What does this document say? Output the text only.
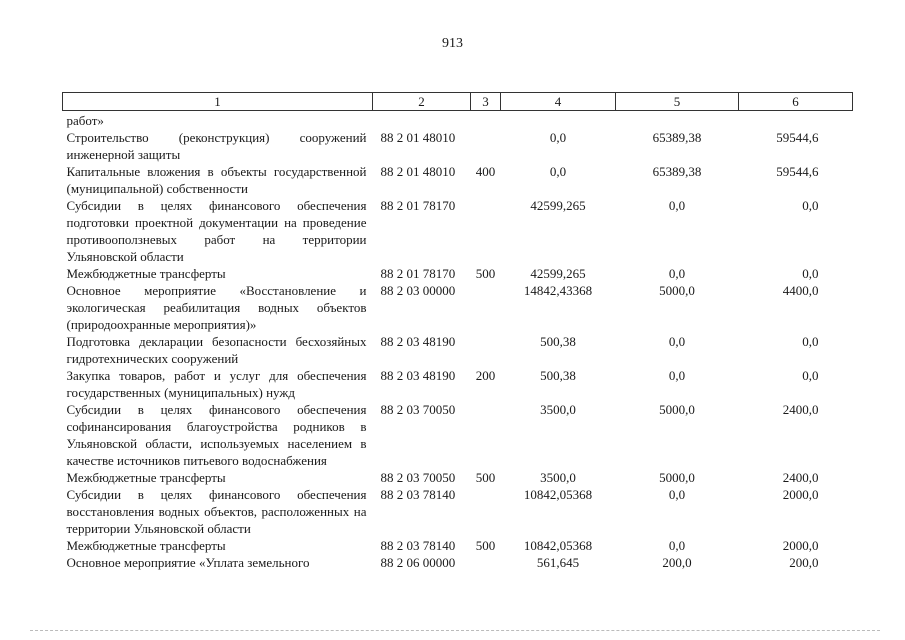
913
1	2	3	4	5	6
работ»					
Строительство (реконструкция) сооружений инженерной защиты	88 2 01 48010		0,0	65389,38	59544,6
Капитальные вложения в объекты государственной (муниципальной) собственности	88 2 01 48010	400	0,0	65389,38	59544,6
Субсидии в целях финансового обеспечения подготовки проектной документации на проведение противооползневых работ на территории Ульяновской области	88 2 01 78170		42599,265	0,0	0,0
Межбюджетные трансферты	88 2 01 78170	500	42599,265	0,0	0,0
Основное мероприятие «Восстановление и экологическая реабилитация водных объектов (природоохранные мероприятия)»	88 2 03 00000		14842,43368	5000,0	4400,0
Подготовка декларации безопасности бесхозяйных гидротехнических сооружений	88 2 03 48190		500,38	0,0	0,0
Закупка товаров, работ и услуг для обеспечения государственных (муниципальных) нужд	88 2 03 48190	200	500,38	0,0	0,0
Субсидии в целях финансового обеспечения софинансирования благоустройства родников в Ульяновской области, используемых населением в качестве источников питьевого водоснабжения	88 2 03 70050		3500,0	5000,0	2400,0
Межбюджетные трансферты	88 2 03 70050	500	3500,0	5000,0	2400,0
Субсидии в целях финансового обеспечения восстановления водных объектов, расположенных на территории Ульяновской области	88 2 03 78140		10842,05368	0,0	2000,0
Межбюджетные трансферты	88 2 03 78140	500	10842,05368	0,0	2000,0
Основное мероприятие «Уплата земельного	88 2 06 00000		561,645	200,0	200,0
